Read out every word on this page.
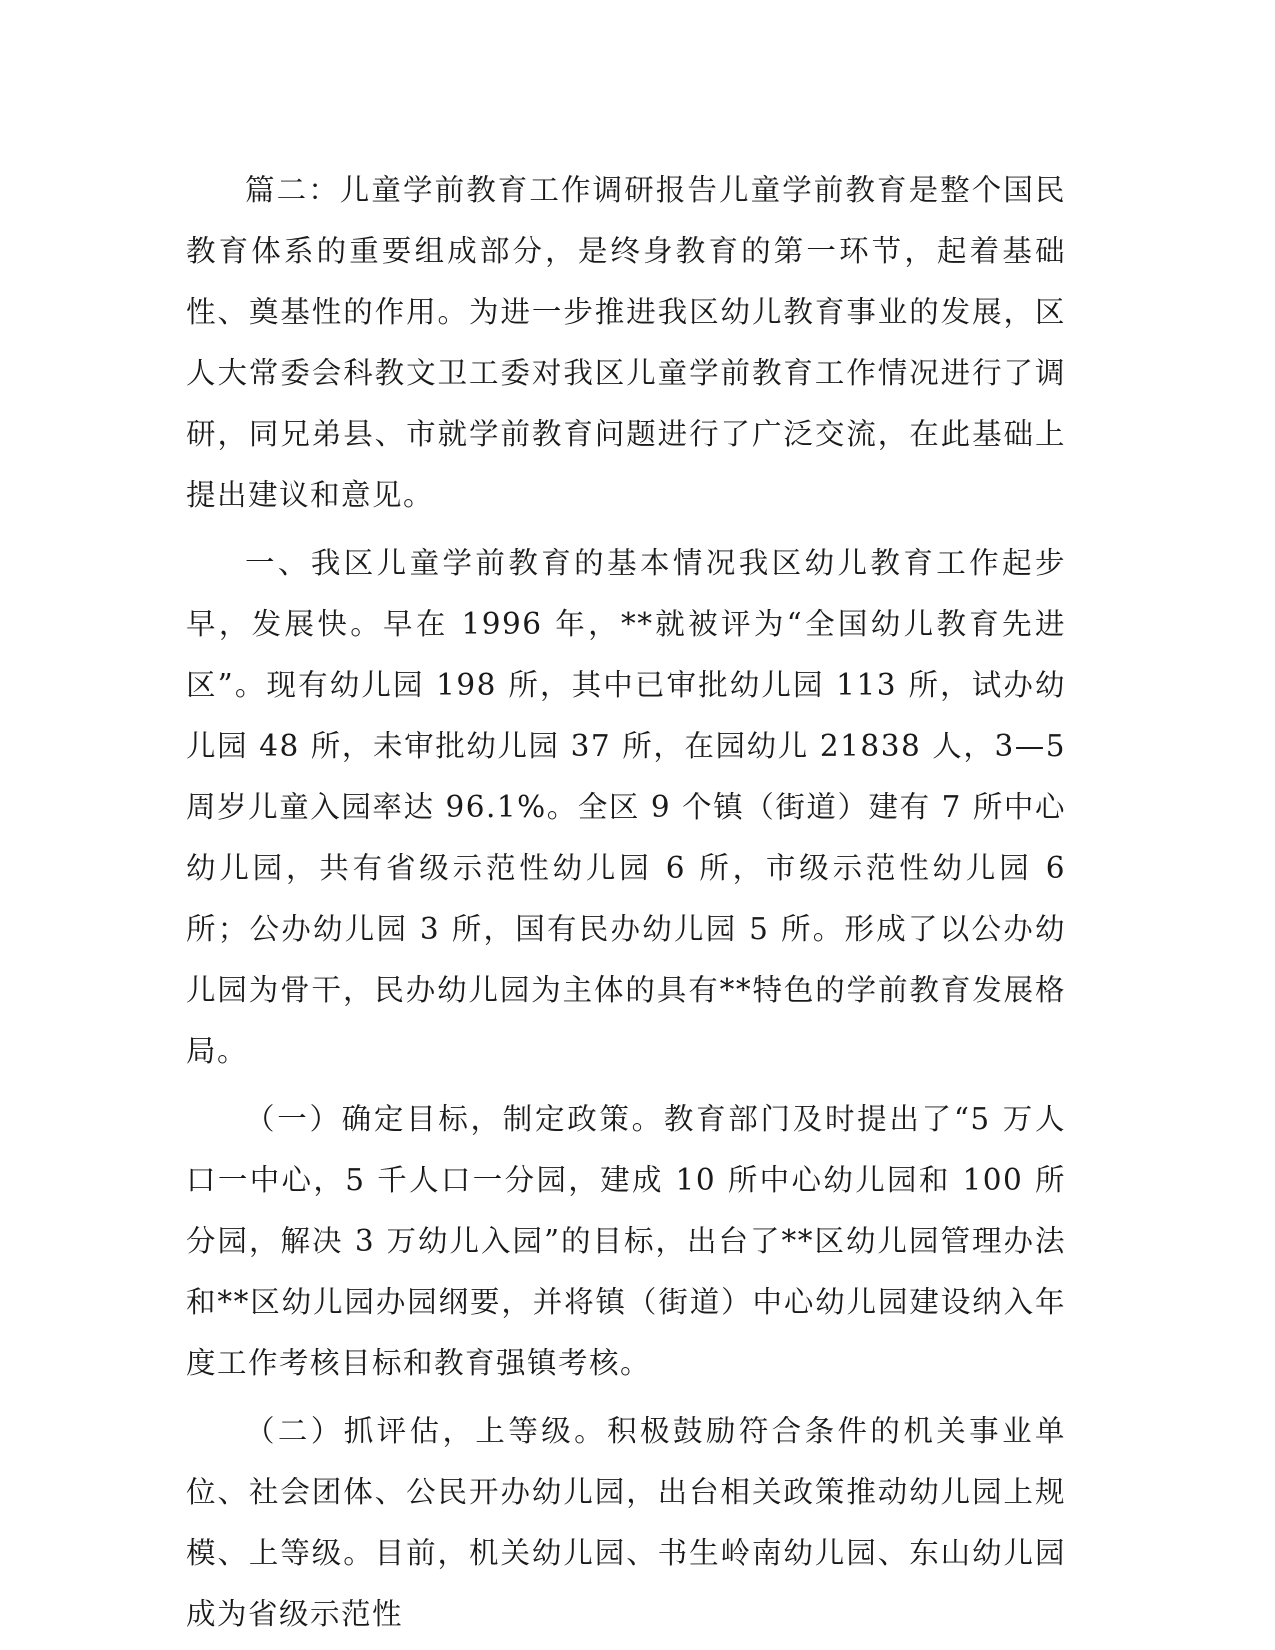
篇二：儿童学前教育工作调研报告儿童学前教育是整个国民教育体系的重要组成部分，是终身教育的第一环节，起着基础性、奠基性的作用。为进一步推进我区幼儿教育事业的发展，区人大常委会科教文卫工委对我区儿童学前教育工作情况进行了调研，同兄弟县、市就学前教育问题进行了广泛交流，在此基础上提出建议和意见。

一、我区儿童学前教育的基本情况我区幼儿教育工作起步早，发展快。早在 1996 年，**就被评为“全国幼儿教育先进区”。现有幼儿园 198 所，其中已审批幼儿园 113 所，试办幼儿园 48 所，未审批幼儿园 37 所，在园幼儿 21838 人，3—5 周岁儿童入园率达 96.1%。全区 9 个镇（街道）建有 7 所中心幼儿园，共有省级示范性幼儿园 6 所，市级示范性幼儿园 6 所；公办幼儿园 3 所，国有民办幼儿园 5 所。形成了以公办幼儿园为骨干，民办幼儿园为主体的具有**特色的学前教育发展格局。

（一）确定目标，制定政策。教育部门及时提出了“5 万人口一中心，5 千人口一分园，建成 10 所中心幼儿园和 100 所分园，解决 3 万幼儿入园”的目标，出台了**区幼儿园管理办法和**区幼儿园办园纲要，并将镇（街道）中心幼儿园建设纳入年度工作考核目标和教育强镇考核。

（二）抓评估，上等级。积极鼓励符合条件的机关事业单位、社会团体、公民开办幼儿园，出台相关政策推动幼儿园上规模、上等级。目前，机关幼儿园、书生岭南幼儿园、东山幼儿园成为省级示范性
